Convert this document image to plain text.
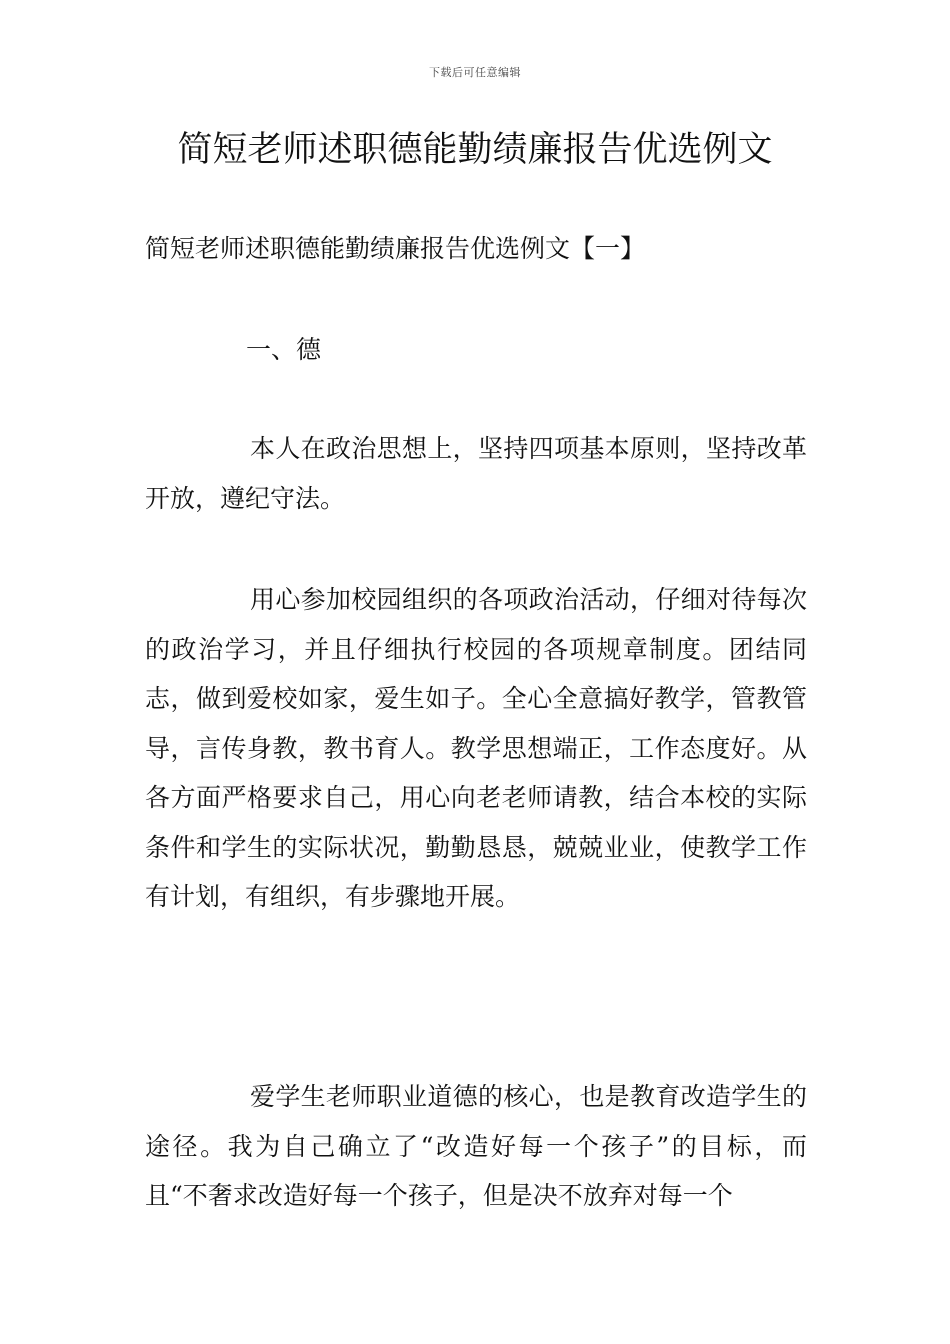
下载后可任意编辑
简短老师述职德能勤绩廉报告优选例文
简短老师述职德能勤绩廉报告优选例文【一】
一、德

本人在政治思想上，坚持四项基本原则，坚持改革开放，遵纪守法。

用心参加校园组织的各项政治活动，仔细对待每次的政治学习，并且仔细执行校园的各项规章制度。团结同志，做到爱校如家，爱生如子。全心全意搞好教学，管教管导，言传身教，教书育人。教学思想端正，工作态度好。从各方面严格要求自己，用心向老老师请教，结合本校的实际条件和学生的实际状况，勤勤恳恳，兢兢业业，使教学工作有计划，有组织，有步骤地开展。

爱学生老师职业道德的核心，也是教育改造学生的途径。我为自己确立了“改造好每一个孩子”的目标，而且“不奢求改造好每一个孩子，但是决不放弃对每一个
